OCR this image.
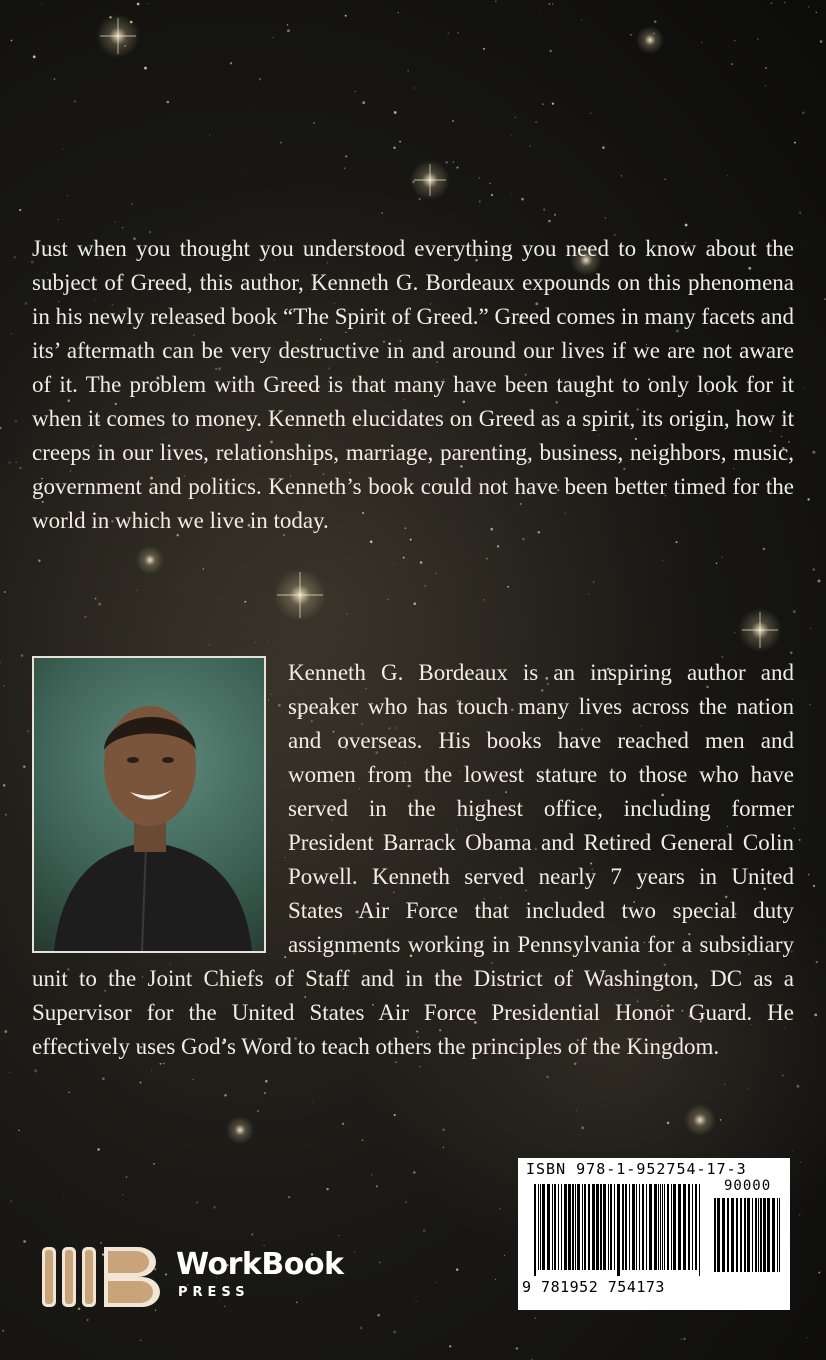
Just when you thought you understood everything you need to know about the subject of Greed, this author, Kenneth G. Bordeaux expounds on this phenomena in his newly released book “The Spirit of Greed.” Greed comes in many facets and its’ aftermath can be very destructive in and around our lives if we are not aware of it. The problem with Greed is that many have been taught to only look for it when it comes to money. Kenneth elucidates on Greed as a spirit, its origin, how it creeps in our lives, relationships, marriage, parenting, business, neighbors, music, government and politics. Kenneth’s book could not have been better timed for the world in which we live in today.

Kenneth G. Bordeaux is an inspiring author and speaker who has touch many lives across the nation and overseas. His books have reached men and women from the lowest stature to those who have served in the highest office, including former President Barrack Obama and Retired General Colin Powell. Kenneth served nearly 7 years in United States Air Force that included two special duty assignments working in Pennsylvania for a subsidiary unit to the Joint Chiefs of Staff and in the District of Washington, DC as a Supervisor for the United States Air Force Presidential Honor Guard. He effectively uses God’s Word to teach others the principles of the Kingdom.

WorkBook
PRESS

ISBN 978-1-952754-17-3

90000

9 781952 754173
